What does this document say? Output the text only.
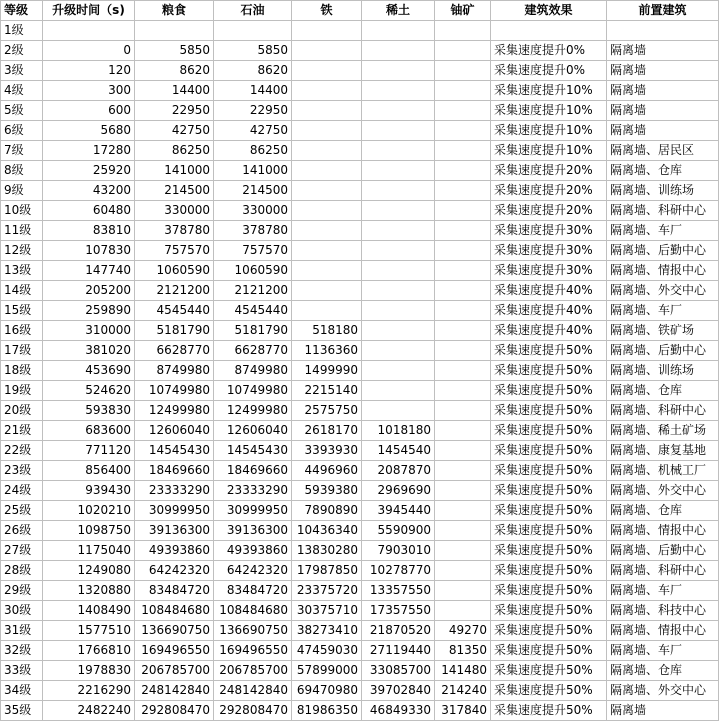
等级	升级时间（s)	粮食	石油	铁	稀土	铀矿	建筑效果	前置建筑
1级								
2级	0	5850	5850				采集速度提升0%	隔离墙
3级	120	8620	8620				采集速度提升0%	隔离墙
4级	300	14400	14400				采集速度提升10%	隔离墙
5级	600	22950	22950				采集速度提升10%	隔离墙
6级	5680	42750	42750				采集速度提升10%	隔离墙
7级	17280	86250	86250				采集速度提升10%	隔离墙、居民区
8级	25920	141000	141000				采集速度提升20%	隔离墙、仓库
9级	43200	214500	214500				采集速度提升20%	隔离墙、训练场
10级	60480	330000	330000				采集速度提升20%	隔离墙、科研中心
11级	83810	378780	378780				采集速度提升30%	隔离墙、车厂
12级	107830	757570	757570				采集速度提升30%	隔离墙、后勤中心
13级	147740	1060590	1060590				采集速度提升30%	隔离墙、情报中心
14级	205200	2121200	2121200				采集速度提升40%	隔离墙、外交中心
15级	259890	4545440	4545440				采集速度提升40%	隔离墙、车厂
16级	310000	5181790	5181790	518180			采集速度提升40%	隔离墙、铁矿场
17级	381020	6628770	6628770	1136360			采集速度提升50%	隔离墙、后勤中心
18级	453690	8749980	8749980	1499990			采集速度提升50%	隔离墙、训练场
19级	524620	10749980	10749980	2215140			采集速度提升50%	隔离墙、仓库
20级	593830	12499980	12499980	2575750			采集速度提升50%	隔离墙、科研中心
21级	683600	12606040	12606040	2618170	1018180		采集速度提升50%	隔离墙、稀土矿场
22级	771120	14545430	14545430	3393930	1454540		采集速度提升50%	隔离墙、康复基地
23级	856400	18469660	18469660	4496960	2087870		采集速度提升50%	隔离墙、机械工厂
24级	939430	23333290	23333290	5939380	2969690		采集速度提升50%	隔离墙、外交中心
25级	1020210	30999950	30999950	7890890	3945440		采集速度提升50%	隔离墙、仓库
26级	1098750	39136300	39136300	10436340	5590900		采集速度提升50%	隔离墙、情报中心
27级	1175040	49393860	49393860	13830280	7903010		采集速度提升50%	隔离墙、后勤中心
28级	1249080	64242320	64242320	17987850	10278770		采集速度提升50%	隔离墙、科研中心
29级	1320880	83484720	83484720	23375720	13357550		采集速度提升50%	隔离墙、车厂
30级	1408490	108484680	108484680	30375710	17357550		采集速度提升50%	隔离墙、科技中心
31级	1577510	136690750	136690750	38273410	21870520	49270	采集速度提升50%	隔离墙、情报中心
32级	1766810	169496550	169496550	47459030	27119440	81350	采集速度提升50%	隔离墙、车厂
33级	1978830	206785700	206785700	57899000	33085700	141480	采集速度提升50%	隔离墙、仓库
34级	2216290	248142840	248142840	69470980	39702840	214240	采集速度提升50%	隔离墙、外交中心
35级	2482240	292808470	292808470	81986350	46849330	317840	采集速度提升50%	隔离墙
